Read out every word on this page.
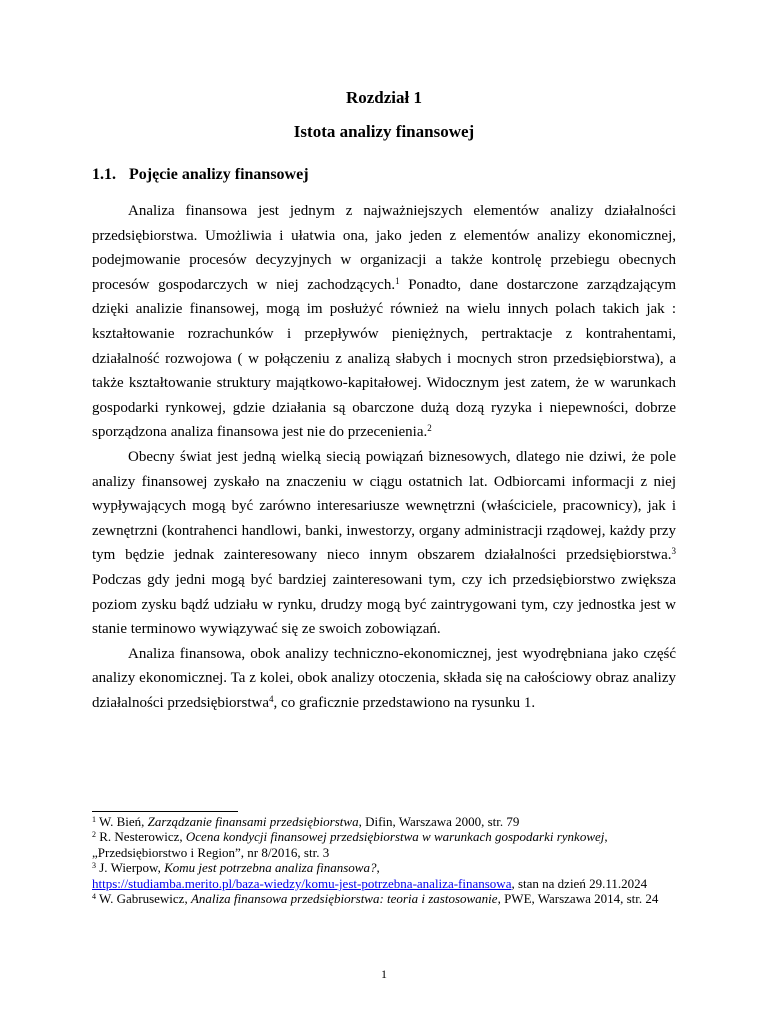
Rozdział 1
Istota analizy finansowej
1.1. Pojęcie analizy finansowej

Analiza finansowa jest jednym z najważniejszych elementów analizy działalności przedsiębiorstwa. Umożliwia i ułatwia ona, jako jeden z elementów analizy ekonomicznej, podejmowanie procesów decyzyjnych w organizacji a także kontrolę przebiegu obecnych procesów gospodarczych w niej zachodzących.$^1$ Ponadto, dane dostarczone zarządzającym dzięki analizie finansowej, mogą im posłużyć również na wielu innych polach takich jak : kształtowanie rozrachunków i przepływów pieniężnych, pertraktacje z kontrahentami, działalność rozwojowa ( w połączeniu z analizą słabych i mocnych stron przedsiębiorstwa), a także kształtowanie struktury majątkowo-kapitałowej. Widocznym jest zatem, że w warunkach gospodarki rynkowej, gdzie działania są obarczone dużą dozą ryzyka i niepewności, dobrze sporządzona analiza finansowa jest nie do przecenienia.$^2$

Obecny świat jest jedną wielką siecią powiązań biznesowych, dlatego nie dziwi, że pole analizy finansowej zyskało na znaczeniu w ciągu ostatnich lat. Odbiorcami informacji z niej wypływających mogą być zarówno interesariusze wewnętrzni (właściciele, pracownicy), jak i zewnętrzni (kontrahenci handlowi, banki, inwestorzy, organy administracji rządowej, każdy przy tym będzie jednak zainteresowany nieco innym obszarem działalności przedsiębiorstwa.$^3$ Podczas gdy jedni mogą być bardziej zainteresowani tym, czy ich przedsiębiorstwo zwiększa poziom zysku bądź udziału w rynku, drudzy mogą być zaintrygowani tym, czy jednostka jest w stanie terminowo wywiązywać się ze swoich zobowiązań.

Analiza finansowa, obok analizy techniczno-ekonomicznej, jest wyodrębniana jako część analizy ekonomicznej. Ta z kolei, obok analizy otoczenia, składa się na całościowy obraz analizy działalności przedsiębiorstwa$^4$, co graficznie przedstawiono na rysunku 1.

$^1$ W. Bień, Zarządzanie finansami przedsiębiorstwa, Difin, Warszawa 2000, str. 79

$^2$ R. Nesterowicz, Ocena kondycji finansowej przedsiębiorstwa w warunkach gospodarki rynkowej, „Przedsiębiorstwo i Region”, nr 8/2016, str. 3

$^3$ J. Wierpow, Komu jest potrzebna analiza finansowa?,
https://studiamba.merito.pl/baza-wiedzy/komu-jest-potrzebna-analiza-finansowa, stan na dzień 29.11.2024

$^4$ W. Gabrusewicz, Analiza finansowa przedsiębiorstwa: teoria i zastosowanie, PWE, Warszawa 2014, str. 24

1
